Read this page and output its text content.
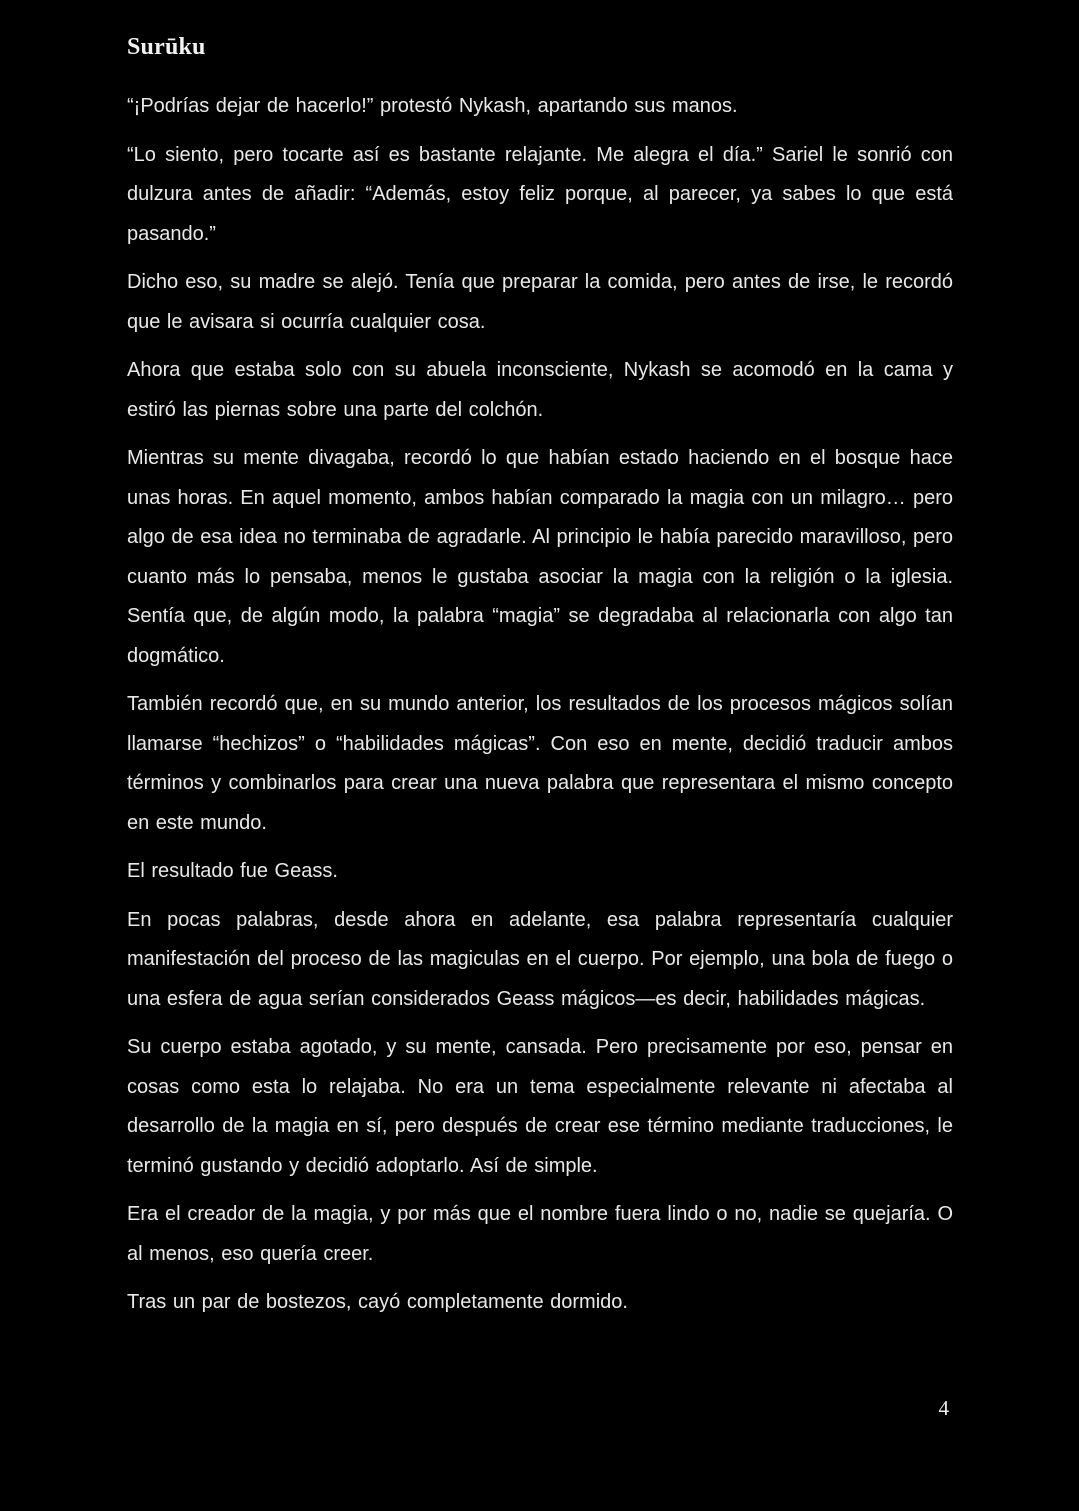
Surūku

“¡Podrías dejar de hacerlo!” protestó Nykash, apartando sus manos.

“Lo siento, pero tocarte así es bastante relajante. Me alegra el día.” Sariel le sonrió con dulzura antes de añadir: “Además, estoy feliz porque, al parecer, ya sabes lo que está pasando.”

Dicho eso, su madre se alejó. Tenía que preparar la comida, pero antes de irse, le recordó que le avisara si ocurría cualquier cosa.

Ahora que estaba solo con su abuela inconsciente, Nykash se acomodó en la cama y estiró las piernas sobre una parte del colchón.

Mientras su mente divagaba, recordó lo que habían estado haciendo en el bosque hace unas horas. En aquel momento, ambos habían comparado la magia con un milagro… pero algo de esa idea no terminaba de agradarle. Al principio le había parecido maravilloso, pero cuanto más lo pensaba, menos le gustaba asociar la magia con la religión o la iglesia. Sentía que, de algún modo, la palabra “magia” se degradaba al relacionarla con algo tan dogmático.

También recordó que, en su mundo anterior, los resultados de los procesos mágicos solían llamarse “hechizos” o “habilidades mágicas”. Con eso en mente, decidió traducir ambos términos y combinarlos para crear una nueva palabra que representara el mismo concepto en este mundo.

El resultado fue Geass.

En pocas palabras, desde ahora en adelante, esa palabra representaría cualquier manifestación del proceso de las magiculas en el cuerpo. Por ejemplo, una bola de fuego o una esfera de agua serían considerados Geass mágicos—es decir, habilidades mágicas.

Su cuerpo estaba agotado, y su mente, cansada. Pero precisamente por eso, pensar en cosas como esta lo relajaba. No era un tema especialmente relevante ni afectaba al desarrollo de la magia en sí, pero después de crear ese término mediante traducciones, le terminó gustando y decidió adoptarlo. Así de simple.

Era el creador de la magia, y por más que el nombre fuera lindo o no, nadie se quejaría. O al menos, eso quería creer.

Tras un par de bostezos, cayó completamente dormido.

4
